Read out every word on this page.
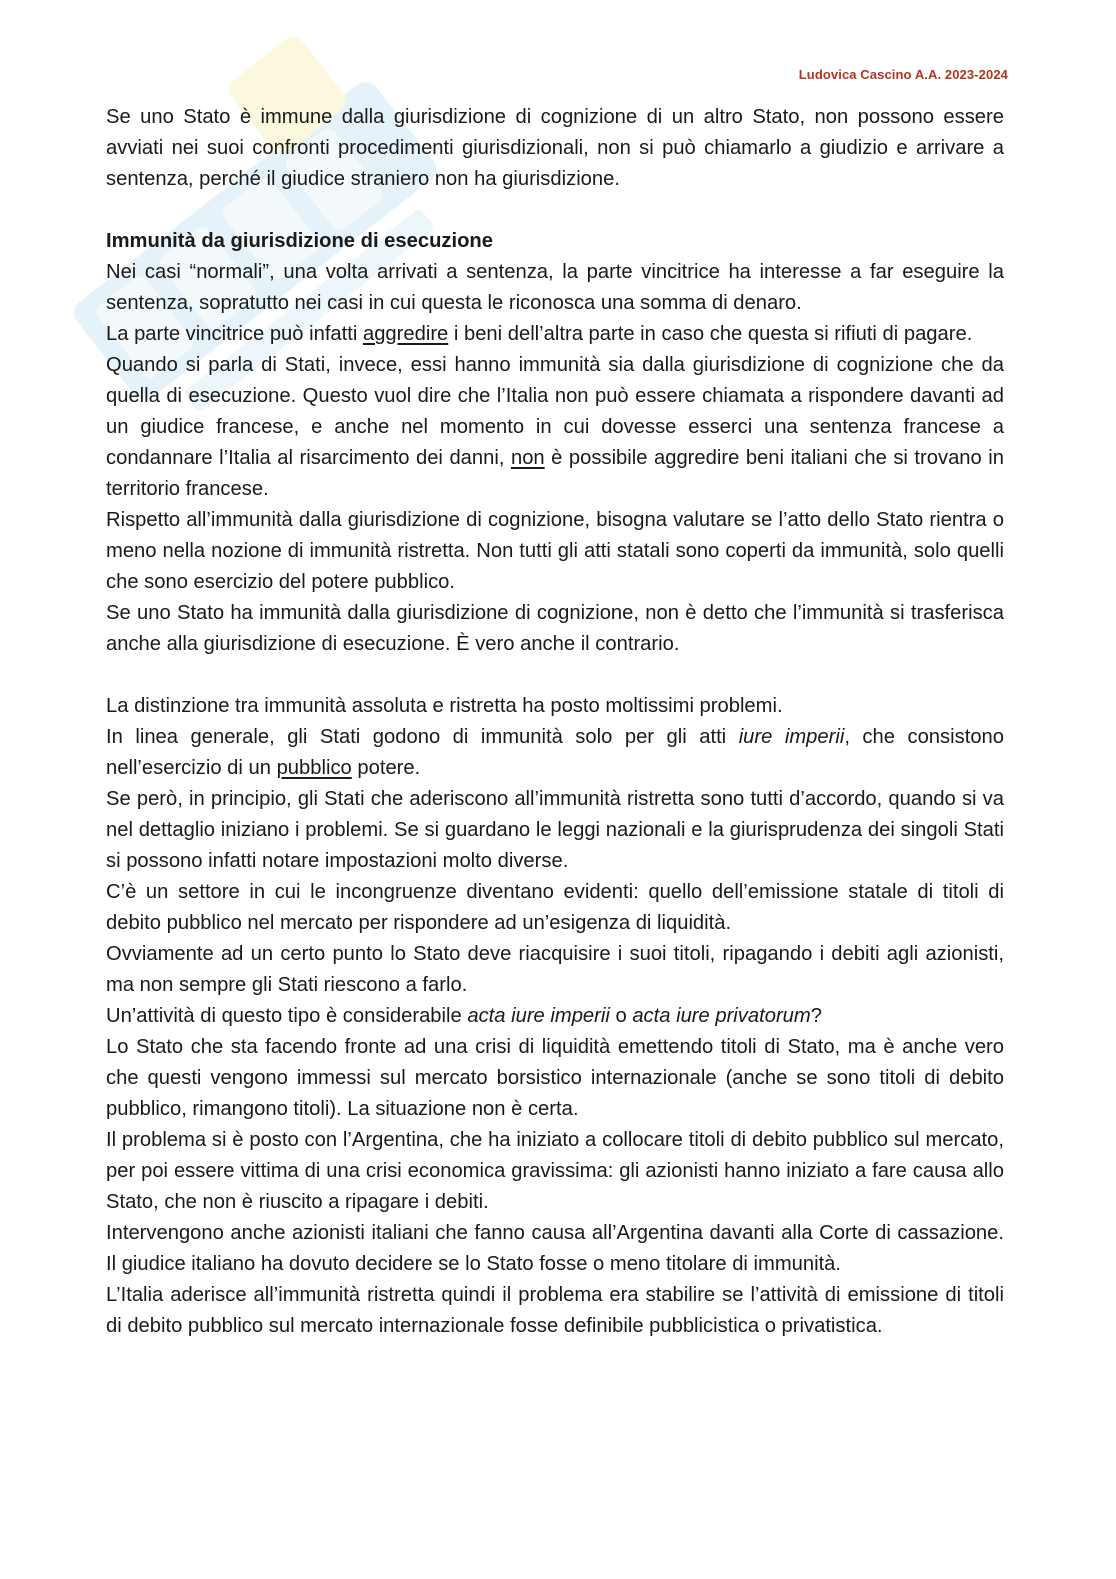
Ludovica Cascino A.A. 2023-2024

Se uno Stato è immune dalla giurisdizione di cognizione di un altro Stato, non possono essere avviati nei suoi confronti procedimenti giurisdizionali, non si può chiamarlo a giudizio e arrivare a sentenza, perché il giudice straniero non ha giurisdizione.

Immunità da giurisdizione di esecuzione

Nei casi “normali”, una volta arrivati a sentenza, la parte vincitrice ha interesse a far eseguire la sentenza, sopratutto nei casi in cui questa le riconosca una somma di denaro.

La parte vincitrice può infatti aggredire i beni dell’altra parte in caso che questa si rifiuti di pagare.

Quando si parla di Stati, invece, essi hanno immunità sia dalla giurisdizione di cognizione che da quella di esecuzione. Questo vuol dire che l’Italia non può essere chiamata a rispondere davanti ad un giudice francese, e anche nel momento in cui dovesse esserci una sentenza francese a condannare l’Italia al risarcimento dei danni, non è possibile aggredire beni italiani che si trovano in territorio francese.

Rispetto all’immunità dalla giurisdizione di cognizione, bisogna valutare se l’atto dello Stato rientra o meno nella nozione di immunità ristretta. Non tutti gli atti statali sono coperti da immunità, solo quelli che sono esercizio del potere pubblico.

Se uno Stato ha immunità dalla giurisdizione di cognizione, non è detto che l’immunità si trasferisca anche alla giurisdizione di esecuzione. È vero anche il contrario.

La distinzione tra immunità assoluta e ristretta ha posto moltissimi problemi.

In linea generale, gli Stati godono di immunità solo per gli atti iure imperii, che consistono nell’esercizio di un pubblico potere.

Se però, in principio, gli Stati che aderiscono all’immunità ristretta sono tutti d’accordo, quando si va nel dettaglio iniziano i problemi. Se si guardano le leggi nazionali e la giurisprudenza dei singoli Stati si possono infatti notare impostazioni molto diverse.

C’è un settore in cui le incongruenze diventano evidenti: quello dell’emissione statale di titoli di debito pubblico nel mercato per rispondere ad un’esigenza di liquidità.

Ovviamente ad un certo punto lo Stato deve riacquisire i suoi titoli, ripagando i debiti agli azionisti, ma non sempre gli Stati riescono a farlo.

Un’attività di questo tipo è considerabile acta iure imperii o acta iure privatorum?

Lo Stato che sta facendo fronte ad una crisi di liquidità emettendo titoli di Stato, ma è anche vero che questi vengono immessi sul mercato borsistico internazionale (anche se sono titoli di debito pubblico, rimangono titoli). La situazione non è certa.

Il problema si è posto con l’Argentina, che ha iniziato a collocare titoli di debito pubblico sul mercato, per poi essere vittima di una crisi economica gravissima: gli azionisti hanno iniziato a fare causa allo Stato, che non è riuscito a ripagare i debiti.

Intervengono anche azionisti italiani che fanno causa all’Argentina davanti alla Corte di cassazione. Il giudice italiano ha dovuto decidere se lo Stato fosse o meno titolare di immunità.

L’Italia aderisce all’immunità ristretta quindi il problema era stabilire se l’attività di emissione di titoli di debito pubblico sul mercato internazionale fosse definibile pubblicistica o privatistica.
